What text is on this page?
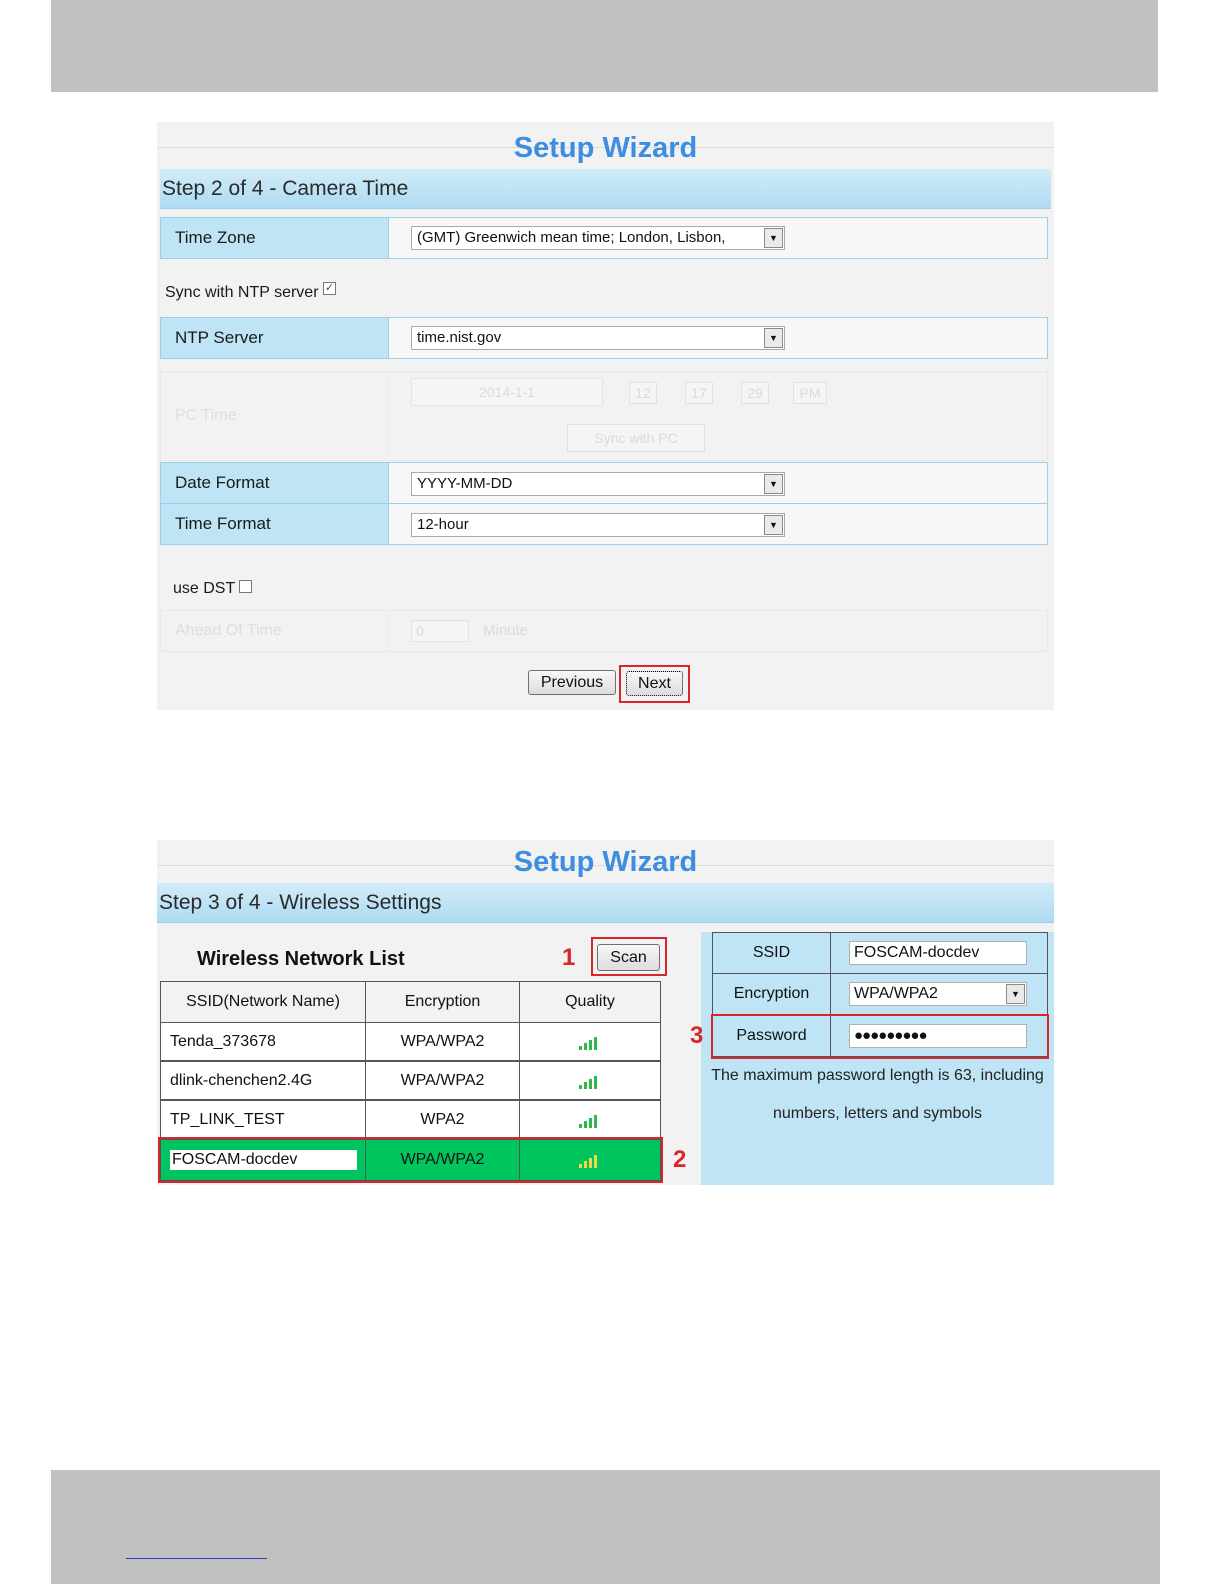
Setup Wizard
Step 2 of 4 - Camera Time
Time Zone	(GMT) Greenwich mean time; London, Lisbon,	▼
Sync with NTP server ✓
NTP Server	time.nist.gov	▼
PC Time
2014-1-1	12	17	29	PM
Sync with PC
Date Format	YYYY-MM-DD	▼
Time Format	12-hour	▼
use DST
Ahead Of Time	0	Minute
Previous	Next
Setup Wizard
Step 3 of 4 - Wireless Settings
Wireless Network List	1	Scan
SSID(Network Name)	Encryption	Quality
Tenda_373678	WPA/WPA2
dlink-chenchen2.4G	WPA/WPA2
TP_LINK_TEST	WPA2
FOSCAM-docdev	WPA/WPA2	2
SSID	FOSCAM-docdev
Encryption	WPA/WPA2	▼
Password	●●●●●●●●●
The maximum password length is 63, including
numbers, letters and symbols
3
